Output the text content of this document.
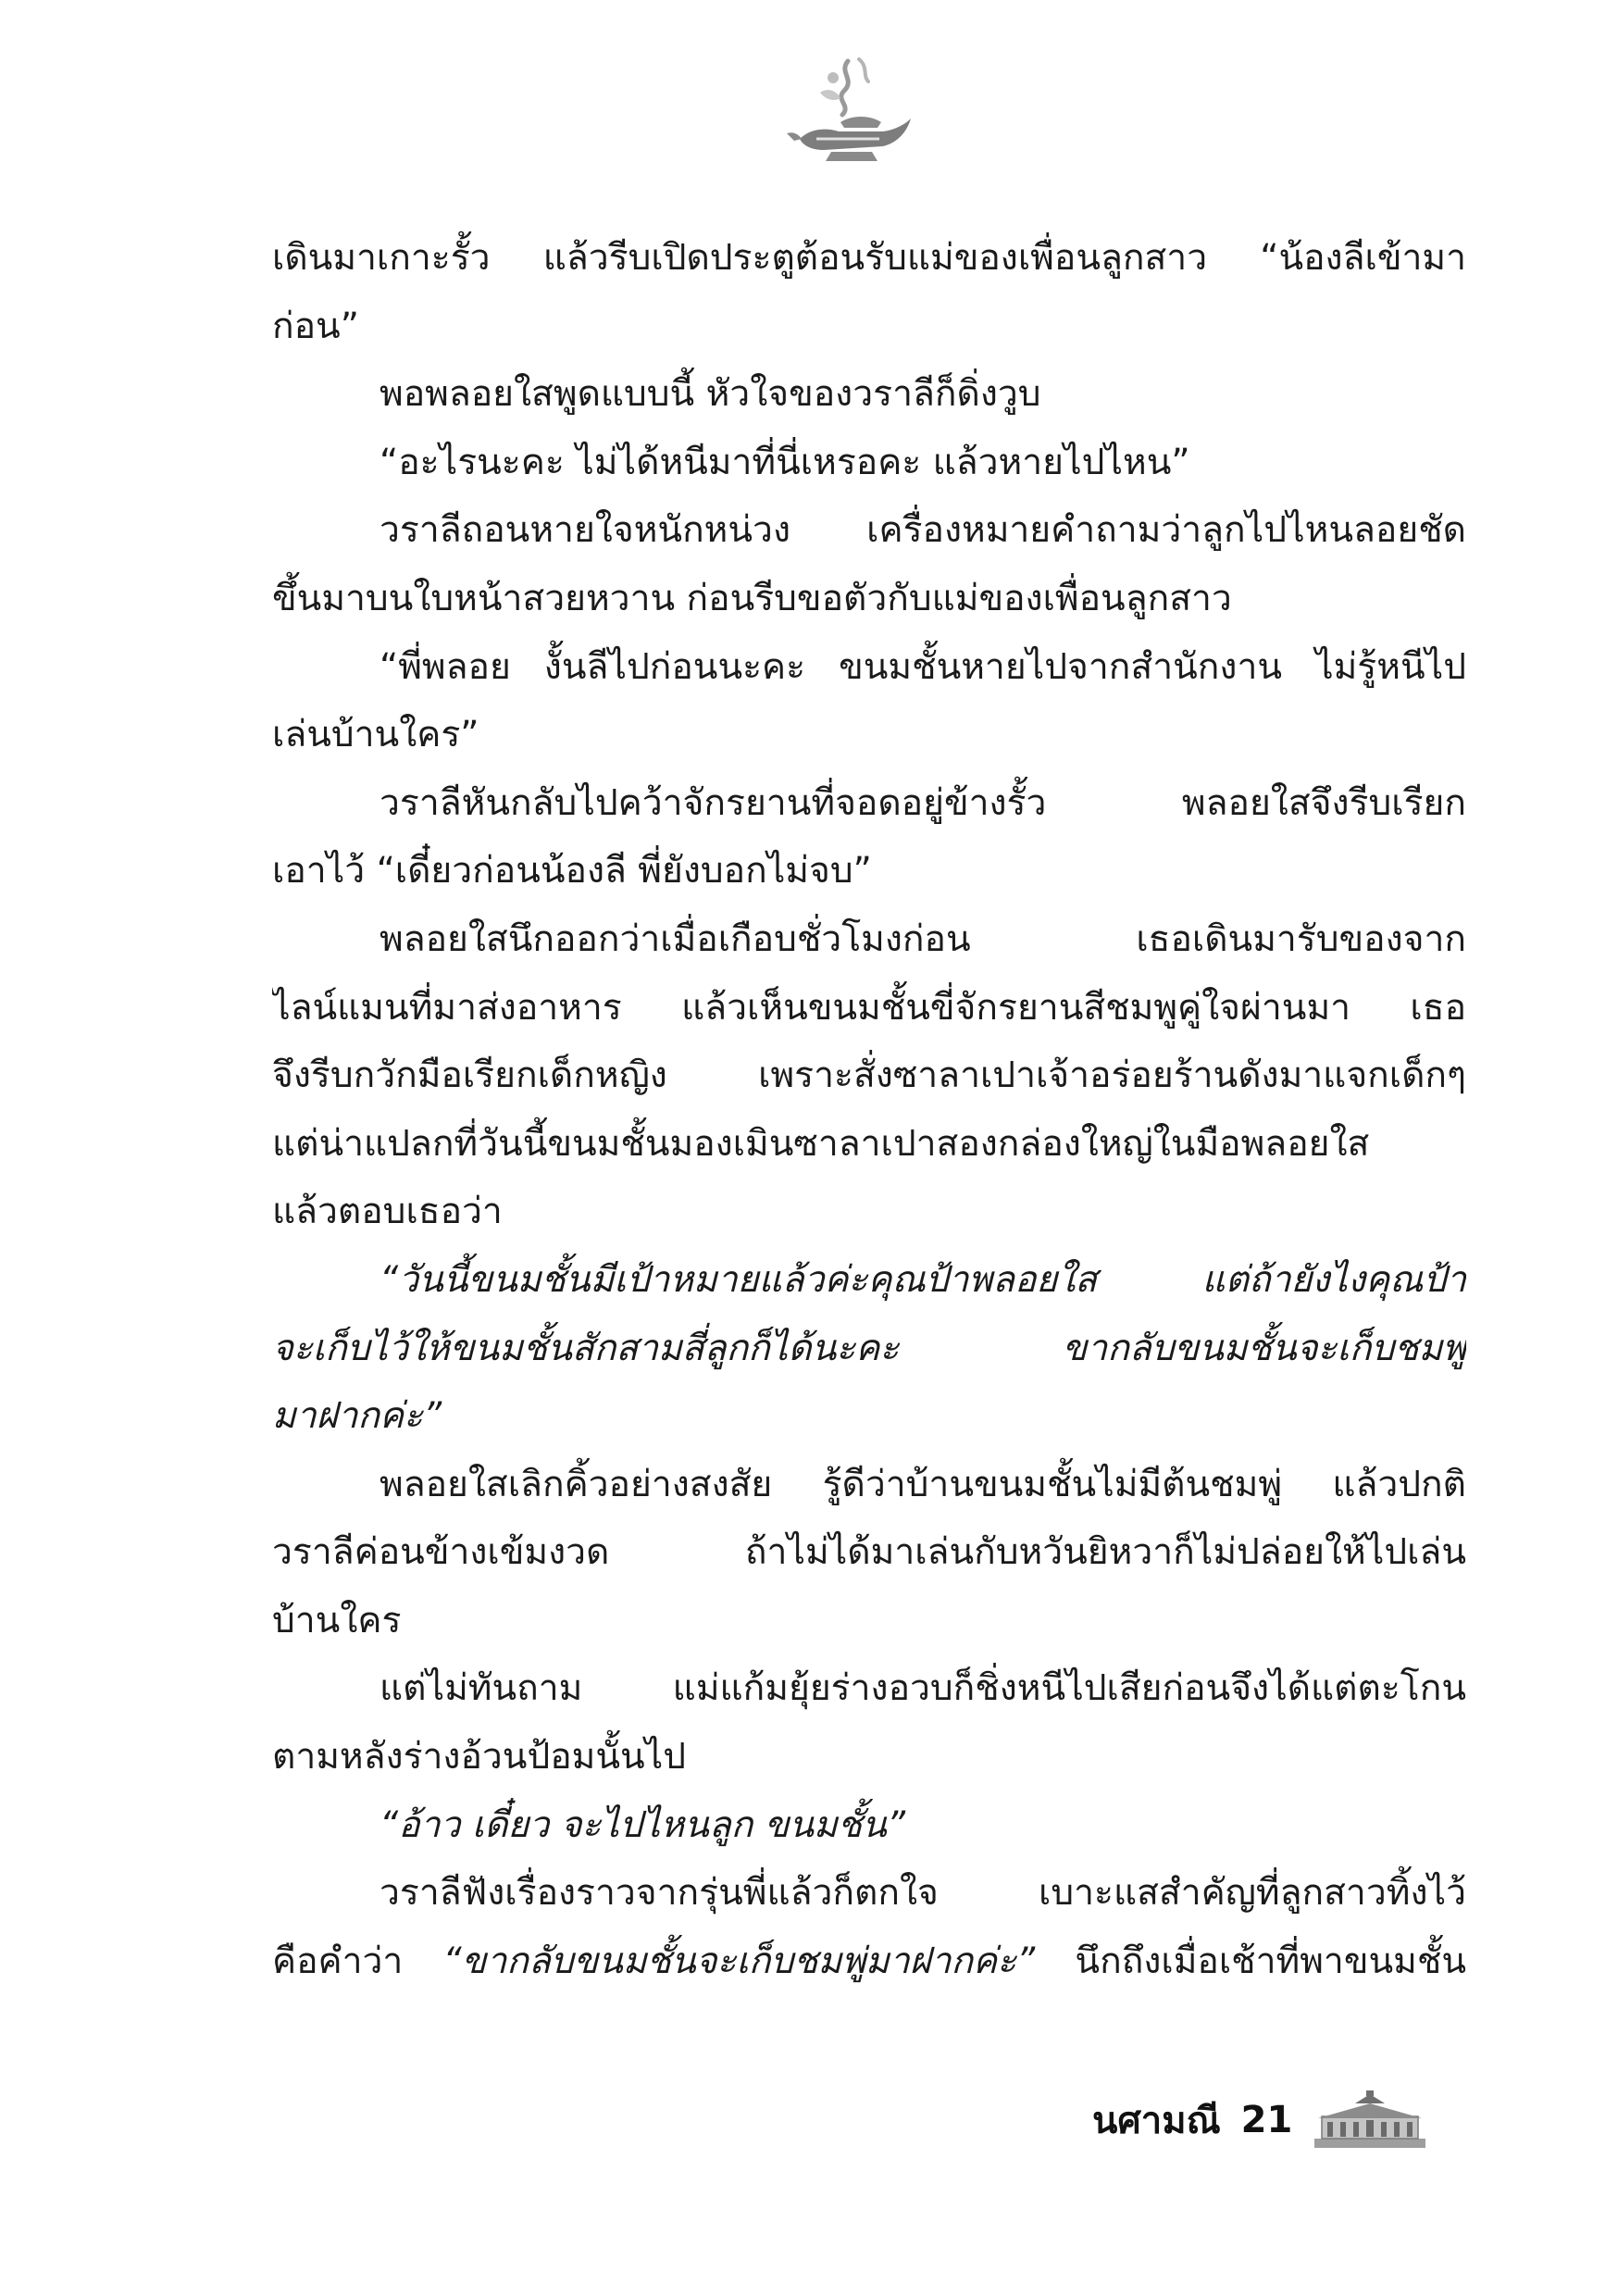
เดินมาเกาะรั้ว แล้วรีบเปิดประตูต้อนรับแม่ของเพื่อนลูกสาว “น้องลีเข้ามา
ก่อน”
พอพลอยใสพูดแบบนี้ หัวใจของวราลีก็ดิ่งวูบ
“อะไรนะคะ ไม่ได้หนีมาที่นี่เหรอคะ แล้วหายไปไหน”
วราลีถอนหายใจหนักหน่วง เครื่องหมายคำถามว่าลูกไปไหนลอยชัด
ขึ้นมาบนใบหน้าสวยหวาน ก่อนรีบขอตัวกับแม่ของเพื่อนลูกสาว
“พี่พลอย งั้นลีไปก่อนนะคะ ขนมชั้นหายไปจากสำนักงาน ไม่รู้หนีไป
เล่นบ้านใคร”
วราลีหันกลับไปคว้าจักรยานที่จอดอยู่ข้างรั้ว พลอยใสจึงรีบเรียก
เอาไว้ “เดี๋ยวก่อนน้องลี พี่ยังบอกไม่จบ”
พลอยใสนึกออกว่าเมื่อเกือบชั่วโมงก่อน เธอเดินมารับของจาก
ไลน์แมนที่มาส่งอาหาร แล้วเห็นขนมชั้นขี่จักรยานสีชมพูคู่ใจผ่านมา เธอ
จึงรีบกวักมือเรียกเด็กหญิง เพราะสั่งซาลาเปาเจ้าอร่อยร้านดังมาแจกเด็กๆ
แต่น่าแปลกที่วันนี้ขนมชั้นมองเมินซาลาเปาสองกล่องใหญ่ในมือพลอยใส
แล้วตอบเธอว่า
“วันนี้ขนมชั้นมีเป้าหมายแล้วค่ะคุณป้าพลอยใส แต่ถ้ายังไงคุณป้า
จะเก็บไว้ให้ขนมชั้นสักสามสี่ลูกก็ได้นะคะ ขากลับขนมชั้นจะเก็บชมพู่
มาฝากค่ะ”
พลอยใสเลิกคิ้วอย่างสงสัย รู้ดีว่าบ้านขนมชั้นไม่มีต้นชมพู่ แล้วปกติ
วราลีค่อนข้างเข้มงวด ถ้าไม่ได้มาเล่นกับหวันยิหวาก็ไม่ปล่อยให้ไปเล่น
บ้านใคร
แต่ไม่ทันถาม แม่แก้มยุ้ยร่างอวบก็ชิ่งหนีไปเสียก่อนจึงได้แต่ตะโกน
ตามหลังร่างอ้วนป้อมนั้นไป
“อ้าว เดี๋ยว จะไปไหนลูก ขนมชั้น”
วราลีฟังเรื่องราวจากรุ่นพี่แล้วก็ตกใจ เบาะแสสำคัญที่ลูกสาวทิ้งไว้
คือคำว่า “ขากลับขนมชั้นจะเก็บชมพู่มาฝากค่ะ” นึกถึงเมื่อเช้าที่พาขนมชั้น
นศามณี 21
